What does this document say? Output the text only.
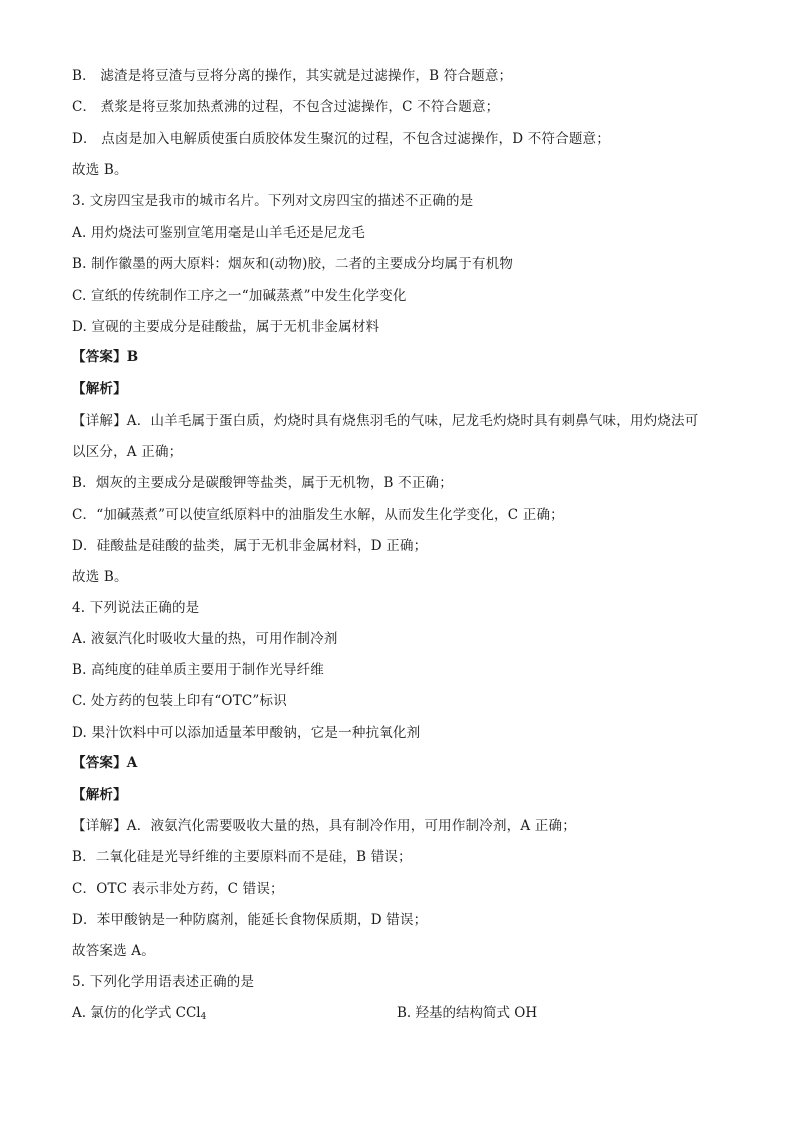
B． 滤渣是将豆渣与豆将分离的操作，其实就是过滤操作，B 符合题意；
C． 煮浆是将豆浆加热煮沸的过程，不包含过滤操作，C 不符合题意；
D． 点卤是加入电解质使蛋白质胶体发生聚沉的过程，不包含过滤操作，D 不符合题意；
故选 B。
3. 文房四宝是我市的城市名片。下列对文房四宝的描述不正确的是
A. 用灼烧法可鉴别宣笔用毫是山羊毛还是尼龙毛
B. 制作徽墨的两大原料：烟灰和(动物)胶，二者的主要成分均属于有机物
C. 宣纸的传统制作工序之一“加碱蒸煮”中发生化学变化
D. 宣砚的主要成分是硅酸盐，属于无机非金属材料
【答案】B
【解析】
【详解】A．山羊毛属于蛋白质，灼烧时具有烧焦羽毛的气味，尼龙毛灼烧时具有刺鼻气味，用灼烧法可
以区分，A 正确；
B．烟灰的主要成分是碳酸钾等盐类，属于无机物，B 不正确；
C．“加碱蒸煮”可以使宣纸原料中的油脂发生水解，从而发生化学变化，C 正确；
D．硅酸盐是硅酸的盐类，属于无机非金属材料，D 正确；
故选 B。
4. 下列说法正确的是
A. 液氨汽化时吸收大量的热，可用作制冷剂
B. 高纯度的硅单质主要用于制作光导纤维
C. 处方药的包装上印有“OTC”标识
D. 果汁饮料中可以添加适量苯甲酸钠，它是一种抗氧化剂
【答案】A
【解析】
【详解】A．液氨汽化需要吸收大量的热，具有制冷作用，可用作制冷剂，A 正确；
B．二氧化硅是光导纤维的主要原料而不是硅，B 错误；
C．OTC 表示非处方药，C 错误；
D．苯甲酸钠是一种防腐剂，能延长食物保质期，D 错误；
故答案选 A。
5. 下列化学用语表述正确的是
A. 氯仿的化学式 CCl$_4$	B. 羟基的结构简式 OH
